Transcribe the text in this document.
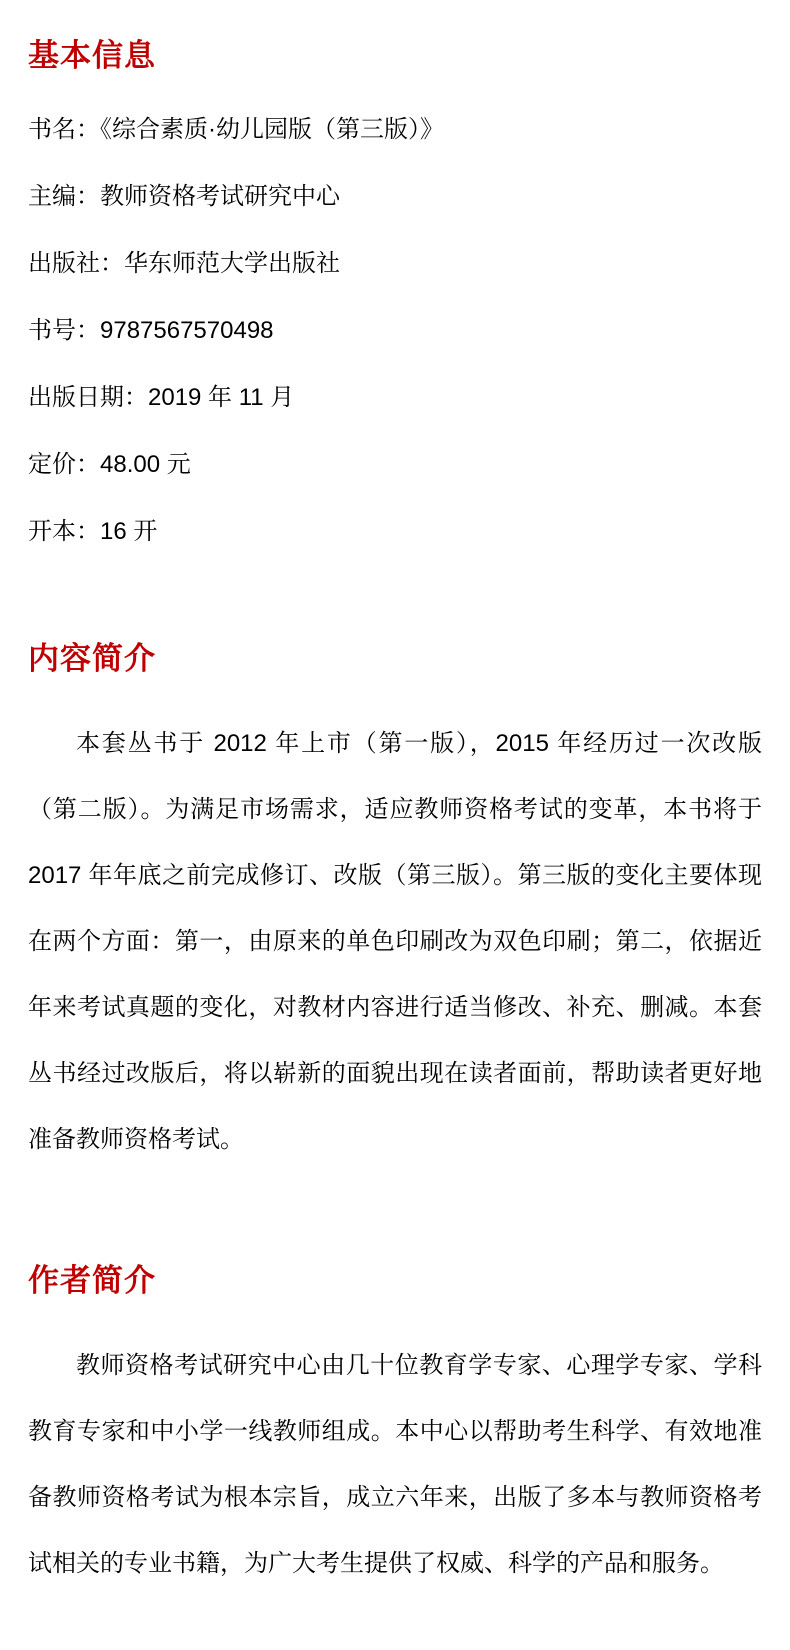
基本信息

书名：《综合素质·幼儿园版（第三版）》

主编：教师资格考试研究中心

出版社：华东师范大学出版社

书号：9787567570498

出版日期：2019 年 11 月

定价：48.00 元

开本：16 开

内容简介

本套丛书于 2012 年上市（第一版），2015 年经历过一次改版（第二版）。为满足市场需求，适应教师资格考试的变革，本书将于 2017 年年底之前完成修订、改版（第三版）。第三版的变化主要体现在两个方面：第一，由原来的单色印刷改为双色印刷；第二，依据近年来考试真题的变化，对教材内容进行适当修改、补充、删减。本套丛书经过改版后，将以崭新的面貌出现在读者面前，帮助读者更好地准备教师资格考试。

作者简介

教师资格考试研究中心由几十位教育学专家、心理学专家、学科教育专家和中小学一线教师组成。本中心以帮助考生科学、有效地准备教师资格考试为根本宗旨，成立六年来，出版了多本与教师资格考试相关的专业书籍，为广大考生提供了权威、科学的产品和服务。
